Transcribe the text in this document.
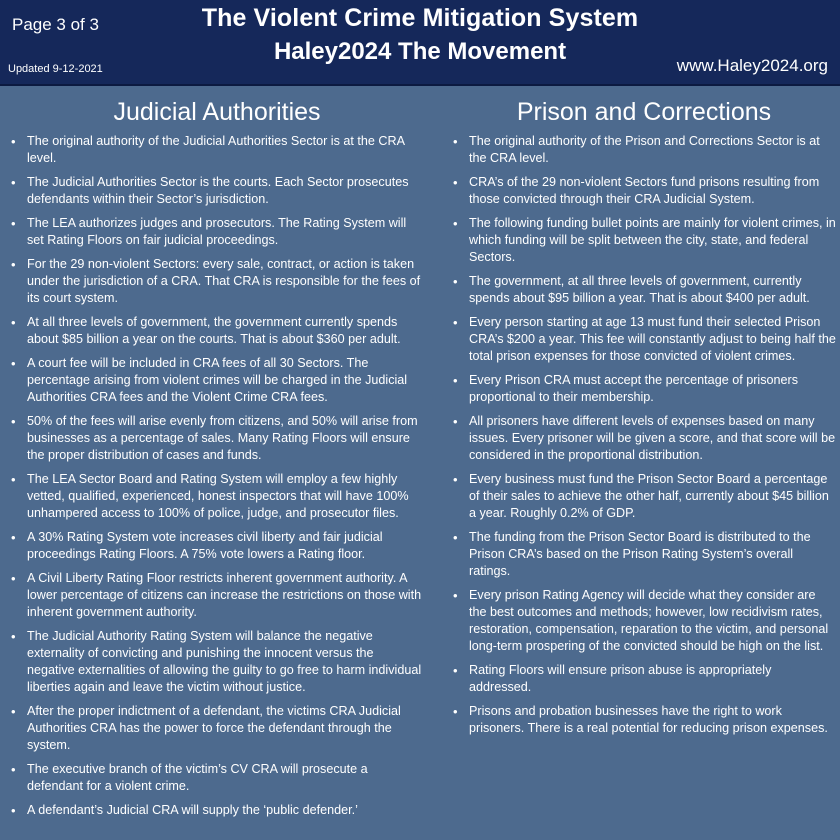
Page 3 of 3	The Violent Crime Mitigation System
Haley2024 The Movement
Updated 9-12-2021	www.Haley2024.org
Judicial Authorities
• The original authority of the Judicial Authorities Sector is at the CRA level.
• The Judicial Authorities Sector is the courts. Each Sector prosecutes defendants within their Sector’s jurisdiction.
• The LEA authorizes judges and prosecutors. The Rating System will set Rating Floors on fair judicial proceedings.
• For the 29 non-violent Sectors: every sale, contract, or action is taken under the jurisdiction of a CRA. That CRA is responsible for the fees of its court system.
• At all three levels of government, the government currently spends about $85 billion a year on the courts. That is about $360 per adult.
• A court fee will be included in CRA fees of all 30 Sectors. The percentage arising from violent crimes will be charged in the Judicial Authorities CRA fees and the Violent Crime CRA fees.
• 50% of the fees will arise evenly from citizens, and 50% will arise from businesses as a percentage of sales. Many Rating Floors will ensure the proper distribution of cases and funds.
• The LEA Sector Board and Rating System will employ a few highly vetted, qualified, experienced, honest inspectors that will have 100% unhampered access to 100% of police, judge, and prosecutor files.
• A 30% Rating System vote increases civil liberty and fair judicial proceedings Rating Floors. A 75% vote lowers a Rating floor.
• A Civil Liberty Rating Floor restricts inherent government authority. A lower percentage of citizens can increase the restrictions on those with inherent government authority.
• The Judicial Authority Rating System will balance the negative externality of convicting and punishing the innocent versus the negative externalities of allowing the guilty to go free to harm individual liberties again and leave the victim without justice.
• After the proper indictment of a defendant, the victims CRA Judicial Authorities CRA has the power to force the defendant through the system.
• The executive branch of the victim’s CV CRA will prosecute a defendant for a violent crime.
• A defendant’s Judicial CRA will supply the ‘public defender.’
Prison and Corrections
• The original authority of the Prison and Corrections Sector is at the CRA level.
• CRA’s of the 29 non-violent Sectors fund prisons resulting from those convicted through their CRA Judicial System.
• The following funding bullet points are mainly for violent crimes, in which funding will be split between the city, state, and federal Sectors.
• The government, at all three levels of government, currently spends about $95 billion a year. That is about $400 per adult.
• Every person starting at age 13 must fund their selected Prison CRA’s $200 a year. This fee will constantly adjust to being half the total prison expenses for those convicted of violent crimes.
• Every Prison CRA must accept the percentage of prisoners proportional to their membership.
• All prisoners have different levels of expenses based on many issues. Every prisoner will be given a score, and that score will be considered in the proportional distribution.
• Every business must fund the Prison Sector Board a percentage of their sales to achieve the other half, currently about $45 billion a year. Roughly 0.2% of GDP.
• The funding from the Prison Sector Board is distributed to the Prison CRA’s based on the Prison Rating System’s overall ratings.
• Every prison Rating Agency will decide what they consider are the best outcomes and methods; however, low recidivism rates, restoration, compensation, reparation to the victim, and personal long-term prospering of the convicted should be high on the list.
• Rating Floors will ensure prison abuse is appropriately addressed.
• Prisons and probation businesses have the right to work prisoners. There is a real potential for reducing prison expenses.
